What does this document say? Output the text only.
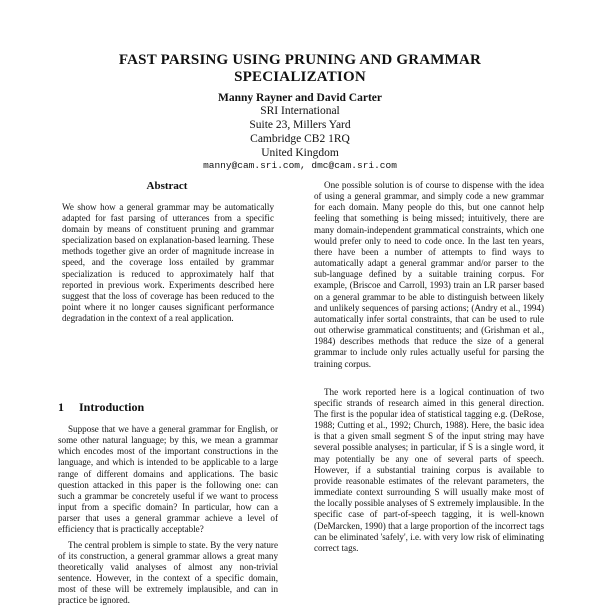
FAST PARSING USING PRUNING AND GRAMMAR
SPECIALIZATION
Manny Rayner and David Carter
SRI International
Suite 23, Millers Yard
Cambridge CB2 1RQ
United Kingdom
manny@cam.sri.com, dmc@cam.sri.com
Abstract
We show how a general grammar may be automatically adapted for fast parsing of utterances from a specific domain by means of constituent pruning and grammar specialization based on explanation-based learning. These methods together give an order of magnitude increase in speed, and the coverage loss entailed by grammar specialization is reduced to approximately half that reported in previous work. Experiments described here suggest that the loss of coverage has been reduced to the point where it no longer causes significant performance degradation in the context of a real application.
1 Introduction

Suppose that we have a general grammar for English, or some other natural language; by this, we mean a grammar which encodes most of the important constructions in the language, and which is intended to be applicable to a large range of different domains and applications. The basic question attacked in this paper is the following one: can such a grammar be concretely useful if we want to process input from a specific domain? In particular, how can a parser that uses a general grammar achieve a level of efficiency that is practically acceptable?

The central problem is simple to state. By the very nature of its construction, a general grammar allows a great many theoretically valid analyses of almost any non-trivial sentence. However, in the context of a specific domain, most of these will be extremely implausible, and can in practice be ignored.

One possible solution is of course to dispense with the idea of using a general grammar, and simply code a new grammar for each domain. Many people do this, but one cannot help feeling that something is being missed; intuitively, there are many domain-independent grammatical constraints, which one would prefer only to need to code once. In the last ten years, there have been a number of attempts to find ways to automatically adapt a general grammar and/or parser to the sub-language defined by a suitable training corpus. For example, (Briscoe and Carroll, 1993) train an LR parser based on a general grammar to be able to distinguish between likely and unlikely sequences of parsing actions; (Andry et al., 1994) automatically infer sortal constraints, that can be used to rule out otherwise grammatical constituents; and (Grishman et al., 1984) describes methods that reduce the size of a general grammar to include only rules actually useful for parsing the training corpus.

The work reported here is a logical continuation of two specific strands of research aimed in this general direction. The first is the popular idea of statistical tagging e.g. (DeRose, 1988; Cutting et al., 1992; Church, 1988). Here, the basic idea is that a given small segment S of the input string may have several possible analyses; in particular, if S is a single word, it may potentially be any one of several parts of speech. However, if a substantial training corpus is available to provide reasonable estimates of the relevant parameters, the immediate context surrounding S will usually make most of the locally possible analyses of S extremely implausible. In the specific case of part-of-speech tagging, it is well-known (DeMarcken, 1990) that a large proportion of the incorrect tags can be eliminated 'safely', i.e. with very low risk of eliminating correct tags.
